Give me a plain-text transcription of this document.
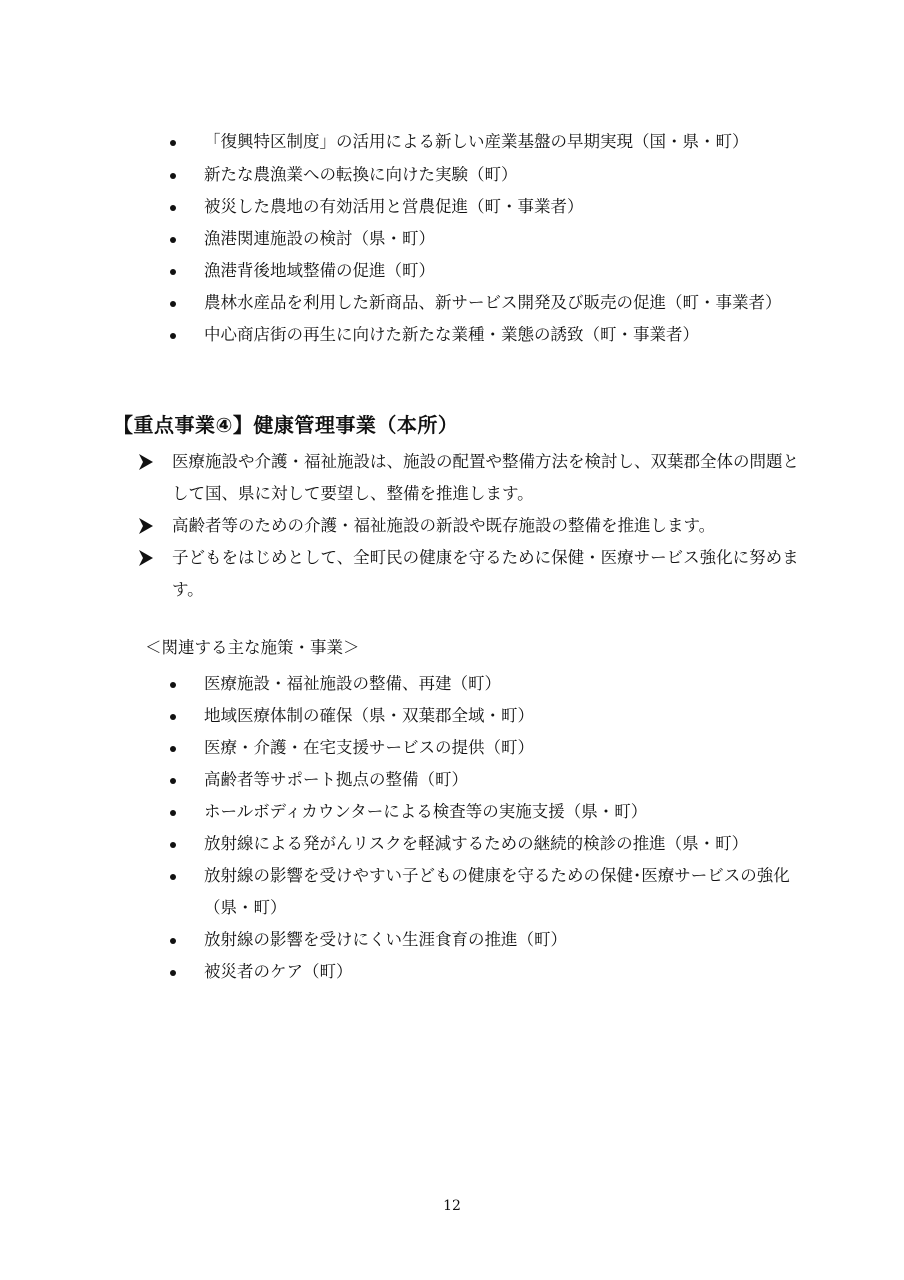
「復興特区制度」の活用による新しい産業基盤の早期実現（国・県・町）
新たな農漁業への転換に向けた実験（町）
被災した農地の有効活用と営農促進（町・事業者）
漁港関連施設の検討（県・町）
漁港背後地域整備の促進（町）
農林水産品を利用した新商品、新サービス開発及び販売の促進（町・事業者）
中心商店街の再生に向けた新たな業種・業態の誘致（町・事業者）
【重点事業④】健康管理事業（本所）
医療施設や介護・福祉施設は、施設の配置や整備方法を検討し、双葉郡全体の問題として国、県に対して要望し、整備を推進します。
高齢者等のための介護・福祉施設の新設や既存施設の整備を推進します。
子どもをはじめとして、全町民の健康を守るために保健・医療サービス強化に努めます。
＜関連する主な施策・事業＞
医療施設・福祉施設の整備、再建（町）
地域医療体制の確保（県・双葉郡全域・町）
医療・介護・在宅支援サービスの提供（町）
高齢者等サポート拠点の整備（町）
ホールボディカウンターによる検査等の実施支援（県・町）
放射線による発がんリスクを軽減するための継続的検診の推進（県・町）
放射線の影響を受けやすい子どもの健康を守るための保健･医療サービスの強化（県・町）
放射線の影響を受けにくい生涯食育の推進（町）
被災者のケア（町）
12
